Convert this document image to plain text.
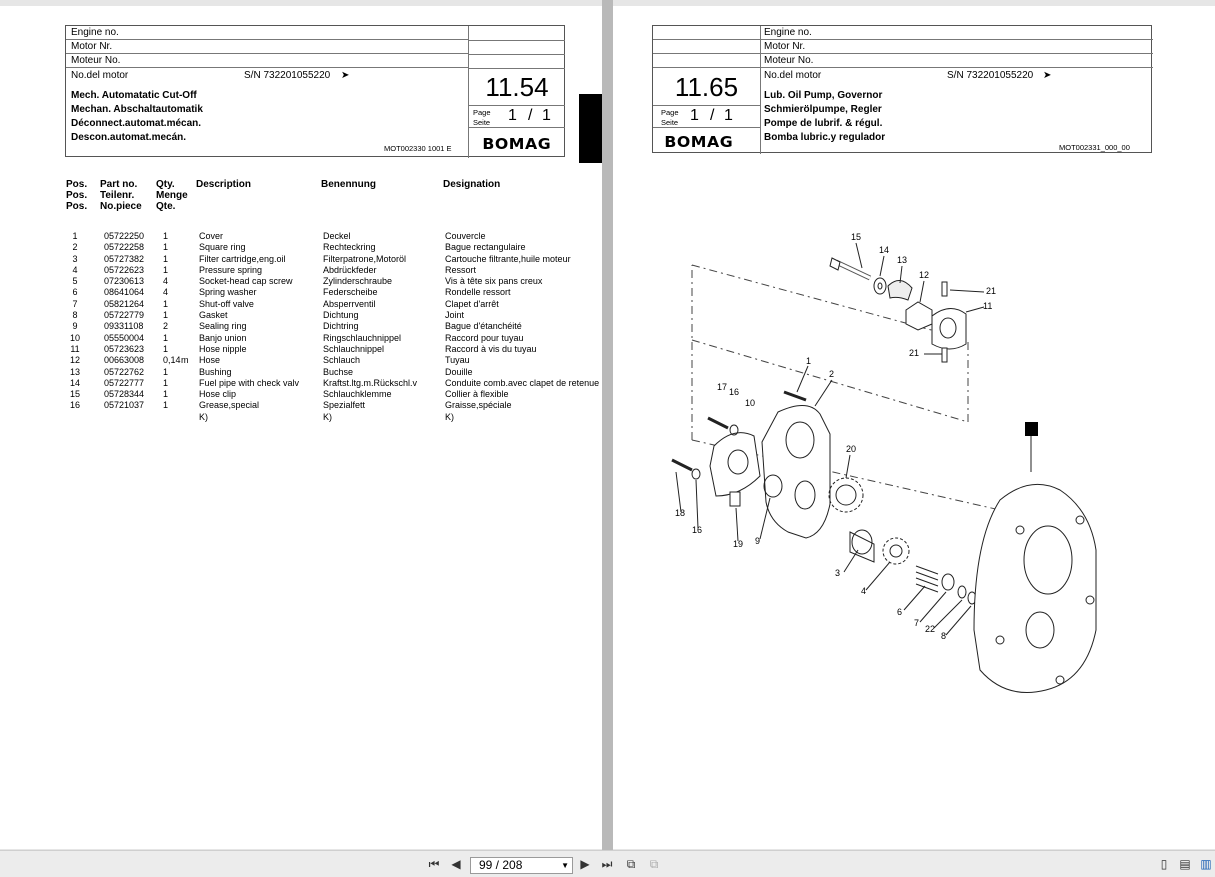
Engine no.
Motor Nr.
Moteur No.
No.del motor	S/N 732201055220 ➤	11.54
Page
Seite 1 / 1
BOMAG
Mech. Automatatic Cut-Off
Mechan. Abschaltautomatik
Déconnect.automat.mécan.
Descon.automat.mecán.
MOT002330 1001 E
Pos.
Pos.
Pos.
Part no.
Teilenr.
No.piece
Qty.
Menge
Qte.
Description	Benennung	Designation
1	05722250 1	Cover	Deckel	Couvercle
2	05722258 1	Square ring	Rechteckring	Bague rectangulaire
3	05727382 1	Filter cartridge,eng.oil	Filterpatrone,Motoröl	Cartouche filtrante,huile moteur
4	05722623 1	Pressure spring	Abdrückfeder	Ressort
5	07230613 4	Socket-head cap screw	Zylinderschraube	Vis à tête six pans creux
6	08641064 4	Spring washer	Federscheibe	Rondelle ressort
7	05821264 1	Shut-off valve	Absperrventil	Clapet d'arrêt
8	05722779 1	Gasket	Dichtung	Joint
9	09331108 2	Sealing ring	Dichtring	Bague d'étanchéité
10	05550004 1	Banjo union	Ringschlauchnippel	Raccord pour tuyau
11	05723623 1	Hose nipple	Schlauchnippel	Raccord à vis du tuyau
12	00663008 0,14 m Hose	Schlauch	Tuyau
13	05722762 1	Bushing	Buchse	Douille
14	05722777 1	Fuel pipe with check valv	Kraftst.ltg.m.Rückschl.v	Conduite comb.avec clapet de retenue
15	05728344 1	Hose clip	Schlauchklemme	Collier à flexible
16	05721037 1	Grease,special	Spezialfett	Graisse,spéciale
K)	K)	K)
Engine no.
Motor Nr.
Moteur No.
No.del motor	S/N 732201055220 ➤
11.65
Page
Seite 1 / 1
BOMAG
Lub. Oil Pump, Governor
Schmierölpumpe, Regler
Pompe de lubrif. & régul.
Bomba lubric.y regulador
MOT002331_000_00
15
14
13
12
21
11
21
1
2
17 16
10
20
18
16
19 9
3
4
6
7
22
8
⏮ ◀	99 / 208	▼ ▶ ⏭ ⧉ ⧉	▯	▤ ▥
